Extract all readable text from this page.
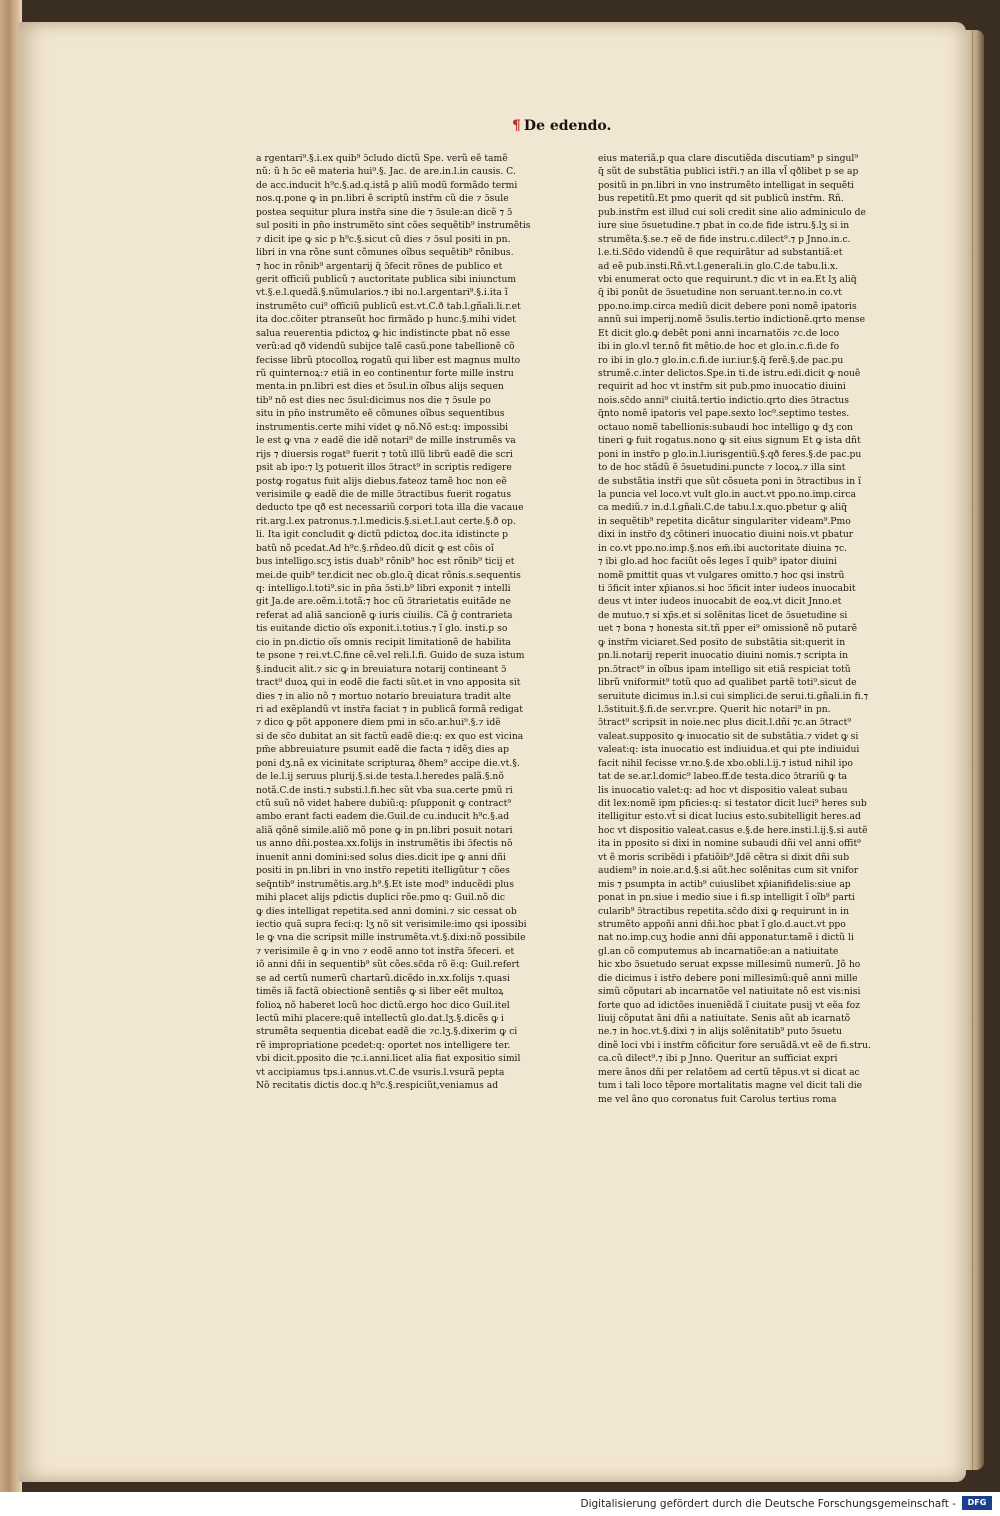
¶ De edendo.
a rgentari⁹.§.i.ex quib⁹ ɔ̃cludo dictũ Spe. verũ eẽ tamẽ
nũ: ũ h ɔ̃c eẽ materia hui⁹.§. Jac. de are.in.l.in causis. C.
de acc.inducit h⁹c.§.ad.q.istã p aliũ modũ formãdo termi
nos.q.pone ꝙ in pn.libri ẽ scriptũ instr̃m cũ die ⁊ ɔ̃sule
postea sequitur plura instr̃a sine die ⁊ ɔ̃sule:an dicẽ ⁊ ɔ̃
sul positi in pn̄o instrumẽto sint cões sequẽtib⁹ instrumẽtis
⁊ dicit ipe ꝙ sic p h⁹c.§.sicut cũ dies ⁊ ɔ̃sul positi in pn.
libri in vna rõne sunt cõmunes oĩbus sequẽtib⁹ rõnibus.
⁊ hoc in rõnib⁹ argentarij q̃ ɔ̃fecit rõnes de publico et
gerit officiũ publicũ ⁊ auctoritate publica sibi iniunctum
vt.§.e.l.quedã.§.nũmularios.⁊ ibi no.l.argentari⁹.§.i.ita ĩ
instrumẽto cui⁹ officiũ publicũ est.vt.C.ð tab.l.gñali.li.r.et
ita doc.cõiter ptranseũt hoc firmãdo p hunc.§.mihi videt
salua reuerentia pdictoꝝ ꝙ hic indistincte pbat nõ esse
verũ:ad qð videndũ subijce talẽ casũ.pone tabellionẽ cõ
fecisse librũ ptocolloꝝ rogatũ qui liber est magnus multo
rũ quinternoꝝ:⁊ etiã in eo continentur forte mille instru
menta.in pn.libri est dies et ɔ̃sul.in oĩbus alijs sequen
tib⁹ nõ est dies nec ɔ̃sul:dicimus nos die ⁊ ɔ̃sule po
situ in pn̄o instrumẽto eẽ cõmunes oĩbus sequentibus
instrumentis.certe mihi videt ꝙ nõ.Nõ est:q: impossibi
le est ꝙ vna ⁊ eadẽ die idẽ notari⁹ de mille instrumẽs va
rijs ⁊ diuersis rogat⁹ fuerit ⁊ totũ illũ librũ eadẽ die scri
psit ab ipo:⁊ lʒ potuerit illos ɔ̃tract⁹ in scriptis redigere
postꝙ rogatus fuit alijs diebus.fateoz tamẽ hoc non eẽ
verisimile ꝙ eadẽ die de mille ɔ̃tractibus fuerit rogatus
deducto tpe qð est necessariũ corpori tota illa die vacaue
rit.arg.l.ex patronus.⁊.l.medicis.§.si.et.l.aut certe.§.ð op.
li. Ita igit concludit ꝙ dictũ pdictoꝝ doc.ita idistincte p
batũ nõ pcedat.Ad h⁹c.§.rñdeo.dũ dicit ꝙ est cõis oĩ
bus intelligo.scʒ istis duab⁹ rõnib⁹ hoc est rõnib⁹ ticij et
mei.de quib⁹ ter.dicit nec ob.glo.q̃ dicat rõnis.s.sequentis
q: intelligo.l.toti⁹.sic in pn̄a ɔ̃sti.b⁹ libri exponit ⁊ intelli
git Ja.de are.oẽm.i.totã:⁊ hoc cũ ɔ̃trarietatis euitãde ne
referat ad aliã sancionẽ ꝙ iuris ciuilis. Cã ǧ contrarieta
tis euitande dictio oĩs exponit.i.totius.⁊ ĩ glo. insti.p so
cio in pn.dictio oĩs omnis recipit limitationẽ de habilita
te psone ⁊ rei.vt.C.fine cẽ.vel reli.l.fi. Guido de suza istum
§.inducit alit.⁊ sic ꝙ in breuiatura notarij contineant ɔ̃
tract⁹ duoꝝ qui in eodẽ die facti sũt.et in vno apposita sit
dies ⁊ in alio nõ ⁊ mortuo notario breuiatura tradit alte
ri ad exẽplandũ vt instr̃a faciat ⁊ in publicã formã redigat
⁊ dico ꝙ põt apponere diem pmi in sc̃o.ar.hui⁹.§.⁊ idẽ
si de sc̃o dubitat an sit factũ eadẽ die:q: ex quo est vicina
pm̄e abbreuiature psumit eadẽ die facta ⁊ idẽʒ dies ap
poni dʒ.nã ex vicinitate scripturaꝝ ðhem⁹ accipe die.vt.§.
de le.l.ij seruus plurij.§.si.de testa.l.heredes palã.§.nõ
notã.C.de insti.⁊ substi.l.fi.hec sũt vba sua.certe pmũ ri
ctũ suũ nõ videt habere dubiũ:q: pſupponit ꝙ contract⁹
ambo erant facti eadem die.Guil.de cu.inducit h⁹c.§.ad
aliã qõnẽ simile.aliõ mõ pone ꝙ in pn.libri posuit notari
us anno dñi.postea.xx.folijs in instrumẽtis ibi ɔ̃fectis nõ
inuenit anni domini:sed solus dies.dicit ipe ꝙ anni dñi
positi in pn.libri in vno instr̃o repetiti itelligũtur ⁊ cões
seq̃ntib⁹ instrumẽtis.arg.h⁹.§.Et iste mod⁹ inducẽdi plus
mihi placet alijs pdictis duplici rõe.pmo q: Guil.nõ dic
ꝙ dies intelligat repetita.sed anni domini.⁊ sic cessat ob
iectio quã supra feci:q: lʒ nõ sit verisimile:imo qsi ipossibi
le ꝙ vna die scripsit mille instrumẽta.vt.§.dixi:nõ possibile
⁊ verisimile ẽ ꝙ in vno ⁊ eodẽ anno tot instr̃a ɔ̃feceri. et
iõ anni dñi in sequentib⁹ sũt cões.sc̃da rõ ẽ:q: Guil.refert
se ad certũ numerũ chartarũ.dicẽdo in.xx.folijs ⁊.quasi
timẽs iã factã obiectionẽ sentiẽs ꝙ si liber eẽt multoꝝ
folioꝝ nõ haberet locũ hoc dictũ.ergo hoc dico Guil.itel
lectũ mihi placere:quẽ intellectũ glo.dat.lʒ.§.dicẽs ꝙ i
strumẽta sequentia dicebat eadẽ die ⁊c.lʒ.§.dixerim ꝙ ci
rẽ impropriatione pcedet:q: oportet nos intelligere ter.
vbi dicit.pposito die ⁊c.i.anni.licet alia fiat expositio simil
vt accipiamus tps.i.annus.vt.C.de vsuris.l.vsurã pepta
Nõ recitatis dictis doc.q h⁹c.§.respiciũt,veniamus ad
eius materiã.p qua clare discutiẽda discutiam⁹ p singul⁹
q̃ sũt de substãtia publici istr̃i.⁊ an illa vl̃ qðlibet p se ap
positũ in pn.libri in vno instrumẽto intelligat in sequẽti
bus repetitũ.Et pmo querit qd sit publicũ instr̃m. Rñ.
pub.instr̃m est illud cui soli credit sine alio adminiculo de
iure siue ɔ̃suetudine.⁊ pbat in co.de fide istru.§.lʒ si in
strumẽta.§.se.⁊ eẽ de fide instru.c.dilect⁹.⁊ p Jnno.in.c.
l.e.ti.Sc̃do videndũ ẽ que requirãtur ad substantiã:et
ad eẽ pub.insti.Rñ.vt.l.generali.in glo.C.de tabu.li.x.
vbi enumerat octo que requirunt.⁊ dic vt in ea.Et lʒ aliq̃
q̃ ibi ponũt de ɔ̃suetudine non seruant.ter.no.in co.vt
ppo.no.imp.circa mediũ dicit debere poni nomẽ ipatoris
annũ sui imperij.nomẽ ɔ̃sulis.tertio indictionẽ.qrto mense
Et dicit glo.ꝙ debẽt poni anni incarnatõis ⁊c.de loco
ibi in glo.vl ter.nõ fit mẽtio.de hoc et glo.in.c.fi.de fo
ro ibi in glo.⁊ glo.in.c.fi.de iur.iur.§.q̃ ferẽ.§.de pac.pu
strumẽ.c.inter delictos.Spe.in ti.de istru.edi.dicit ꝙ nouẽ
requirit ad hoc vt instr̃m sit pub.pmo inuocatio diuini
nois.sc̃do anni⁹ ciuitã.tertio indictio.qrto dies ɔ̃tractus
q̃nto nomẽ ipatoris vel pape.sexto loc⁹.septimo testes.
octauo nomẽ tabellionis:subaudi hoc intelligo ꝙ dʒ con
tineri ꝙ fuit rogatus.nono ꝙ sit eius signum Et ꝙ ista dñt
poni in instr̃o p glo.in.l.iurisgentiũ.§.qð feres.§.de pac.pu
to de hoc stãdũ ẽ ɔ̃suetudini.puncte ⁊ locoꝝ.⁊ illa sint
de substãtia instr̃i que sũt cõsueta poni in ɔ̃tractibus in ĩ
la puncia vel loco.vt vult glo.in auct.vt ppo.no.imp.circa
ca mediũ.⁊ in.d.l.gñali.C.de tabu.l.x.quo.pbetur ꝙ aliq̃
in sequẽtib⁹ repetita dicãtur singulariter videam⁹.Pmo
dixi in instr̃o dʒ cõtineri inuocatio diuini nois.vt pbatur
in co.vt ppo.no.imp.§.nos em̃.ibi auctoritate diuina ⁊c.
⁊ ibi glo.ad hoc faciũt oẽs leges ĩ quib⁹ ipator diuini
nomẽ pmittit quas vt vulgares omitto.⁊ hoc qsi instrũ
ti ɔ̃ficit inter xp̃ianos.si hoc ɔ̃ficit inter iudeos inuocabit
deus vt inter iudeos inuocabit de eoꝝ.vt dicit Jnno.et
de mutuo.⁊ si xp̃s.et si solẽnitas licet de ɔ̃suetudine si
uet ⁊ bona ⁊ honesta sit.tñ pper ei⁹ omissionẽ nõ putarẽ
ꝙ instr̃m viciaret.Sed posito de substãtia sit:querit in
pn.li.notarij reperit inuocatio diuini nomis.⁊ scripta in
pn.ɔ̃tract⁹ in oĩbus ipam intelligo sit etiã respiciat totũ
librũ vniformit⁹ totũ quo ad qualibet partẽ toti⁹.sicut de
seruitute dicimus in.l.si cui simplici.de serui.ti.gñali.in fi.⁊
l.ɔ̃stituit.§.fi.de ser.vr.pre. Querit hic notari⁹ in pn.
ɔ̃tract⁹ scripsit in noie.nec plus dicit.l.dñi ⁊c.an ɔ̃tract⁹
valeat.supposito ꝙ inuocatio sit de substãtia.⁊ videt ꝙ si
valeat:q: ista inuocatio est indiuidua.et qui pte indiuidui
facit nihil fecisse vr.no.§.de xbo.obli.l.ij.⁊ istud nihil ipo
tat de se.ar.l.domic⁹ labeo.ff.de testa.dico ɔ̃trariũ ꝙ ta
lis inuocatio valet:q: ad hoc vt dispositio valeat subau
dit lex:nomẽ ipm pficies:q: si testator dicit luci⁹ heres sub
itelligitur esto.vt̃ si dicat lucius esto.subitelligit heres.ad
hoc vt dispositio valeat.casus e.§.de here.insti.l.ij.§.si autẽ
ita in pposito si dixi in nomine subaudi dñi vel anni offit⁹
vt ẽ moris scribẽdi i pfatiõib⁹.Jdẽ cẽtra si dixit dñi sub
audiem⁹ in noie.ar.d.§.si aũt.hec solẽnitas cum sit vnifor
mis ⁊ psumpta in actib⁹ cuiuslibet xp̃ianifidelis:siue ap
ponat in pn.siue i medio siue i fi.sp intelligit ĩ oĩb⁹ parti
cularib⁹ ɔ̃tractibus repetita.sc̃do dixi ꝙ requirunt in in
strumẽto appoñi anni dñi.hoc pbat ĩ glo.d.auct.vt ppo
nat no.imp.cuʒ hodie anni dñi apponatur.tamẽ i dictũ li
gl.an cõ computemus ab incarnatiõe:an a natiuitate
hic xbo ɔ̃suetudo seruat expsse millesimũ numerũ. Jõ ho
die dicimus i istr̃o debere poni millesimũ:quẽ anni mille
simũ cõputari ab incarnatõe vel natiuitate nõ est vis:nisi
forte quo ad idictões inueniẽdã ĩ ciuitate pusij vt eẽa foz
liuij cõputat ãni dñi a natiuitate. Senis aũt ab icarnatõ
ne.⁊ in hoc.vt.§.dixi ⁊ in alijs solẽnitatib⁹ puto ɔ̃suetu
dinẽ loci vbi i instr̃m cõficitur fore seruãdã.vt eẽ de fi.stru.
ca.cũ dilect⁹.⁊ ibi p Jnno. Queritur an sufficiat expri
mere ãnos dñi per relatõem ad certũ tẽpus.vt si dicat ac
tum i tali loco tẽpore mortalitatis magne vel dicit tali die
me vel ãno quo coronatus fuit Carolus tertius roma
Digitalisierung gefördert durch die Deutsche Forschungsgemeinschaft -	DFG
